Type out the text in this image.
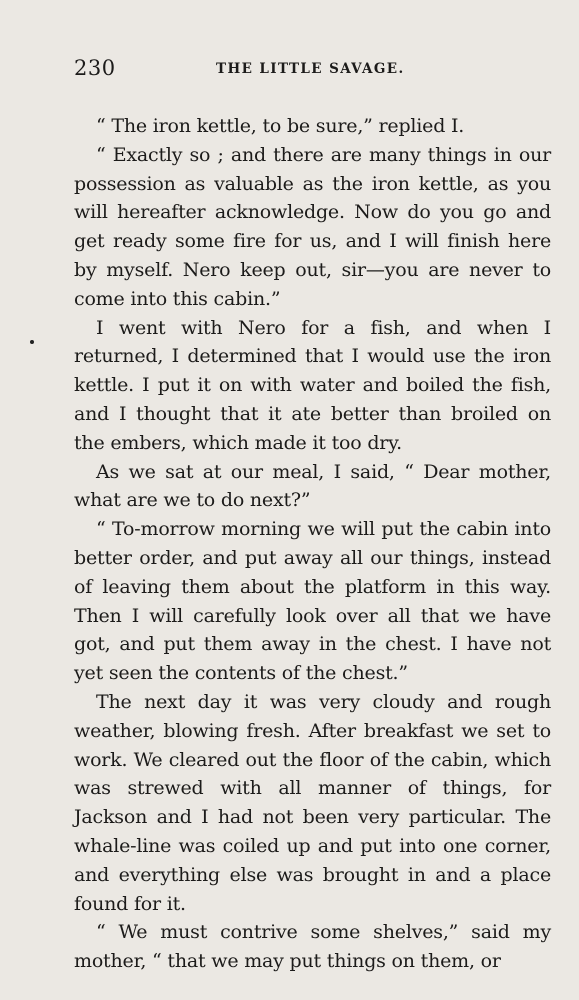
230	THE LITTLE SAVAGE.

“ The iron kettle, to be sure,” replied I.

“ Exactly so ; and there are many things in our possession as valuable as the iron kettle, as you will hereafter acknowledge. Now do you go and get ready some fire for us, and I will finish here by myself. Nero keep out, sir—you are never to come into this cabin.”

I went with Nero for a fish, and when I returned, I determined that I would use the iron kettle. I put it on with water and boiled the fish, and I thought that it ate better than broiled on the embers, which made it too dry.

As we sat at our meal, I said, “ Dear mother, what are we to do next?”

“ To-morrow morning we will put the cabin into better order, and put away all our things, instead of leaving them about the platform in this way. Then I will carefully look over all that we have got, and put them away in the chest. I have not yet seen the contents of the chest.”

The next day it was very cloudy and rough weather, blowing fresh. After breakfast we set to work. We cleared out the floor of the cabin, which was strewed with all manner of things, for Jackson and I had not been very particular. The whale-line was coiled up and put into one corner, and everything else was brought in and a place found for it.

“ We must contrive some shelves,” said my mother, “ that we may put things on them, or
